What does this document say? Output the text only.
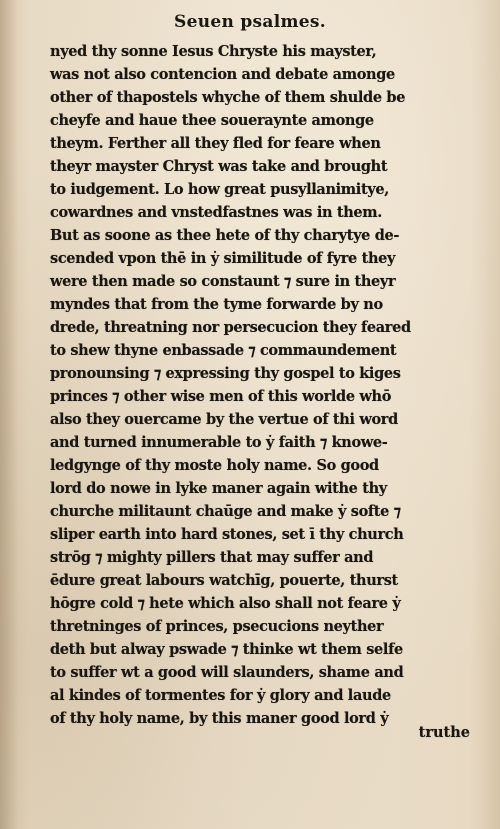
Seuen psalmes.
nyed thy sonne Iesus Chryste his mayster,
was not also contencion and debate amonge
other of thapostels whyche of them shulde be
cheyfe and haue thee soueraynte amonge
theym. Ferther all they fled for feare when
theyr mayster Chryst was take and brought
to iudgement. Lo how great pusyllanimitye,
cowardnes and vnstedfastnes was in them.
But as soone as thee hete of thy charytye de‑
scended vpon thē in ẏ similitude of fyre they
were then made so constaunt ⁊ sure in theyr
myndes that from the tyme forwarde by no
drede, threatning nor persecucion they feared
to shew thyne enbassade ⁊ commaundement
pronounsing ⁊ expressing thy gospel to kiges
princes ⁊ other wise men of this worlde whō
also they ouercame by the vertue of thi word
and turned innumerable to ẏ faith ⁊ knowe‑
ledgynge of thy moste holy name. So good
lord do nowe in lyke maner again withe thy
churche militaunt chaūge and make ẏ softe ⁊
sliper earth into hard stones, set ī thy church
strōg ⁊ mighty pillers that may suffer and
ēdure great labours watchīg, pouerte, thurst
hōgre cold ⁊ hete which also shall not feare ẏ
thretninges of princes, psecucions neyther
deth but alway pswade ⁊ thinke wt them selfe
to suffer wt a good will slaunders, shame and
al kindes of tormentes for ẏ glory and laude
of thy holy name, by this maner good lord ẏ
truthe
